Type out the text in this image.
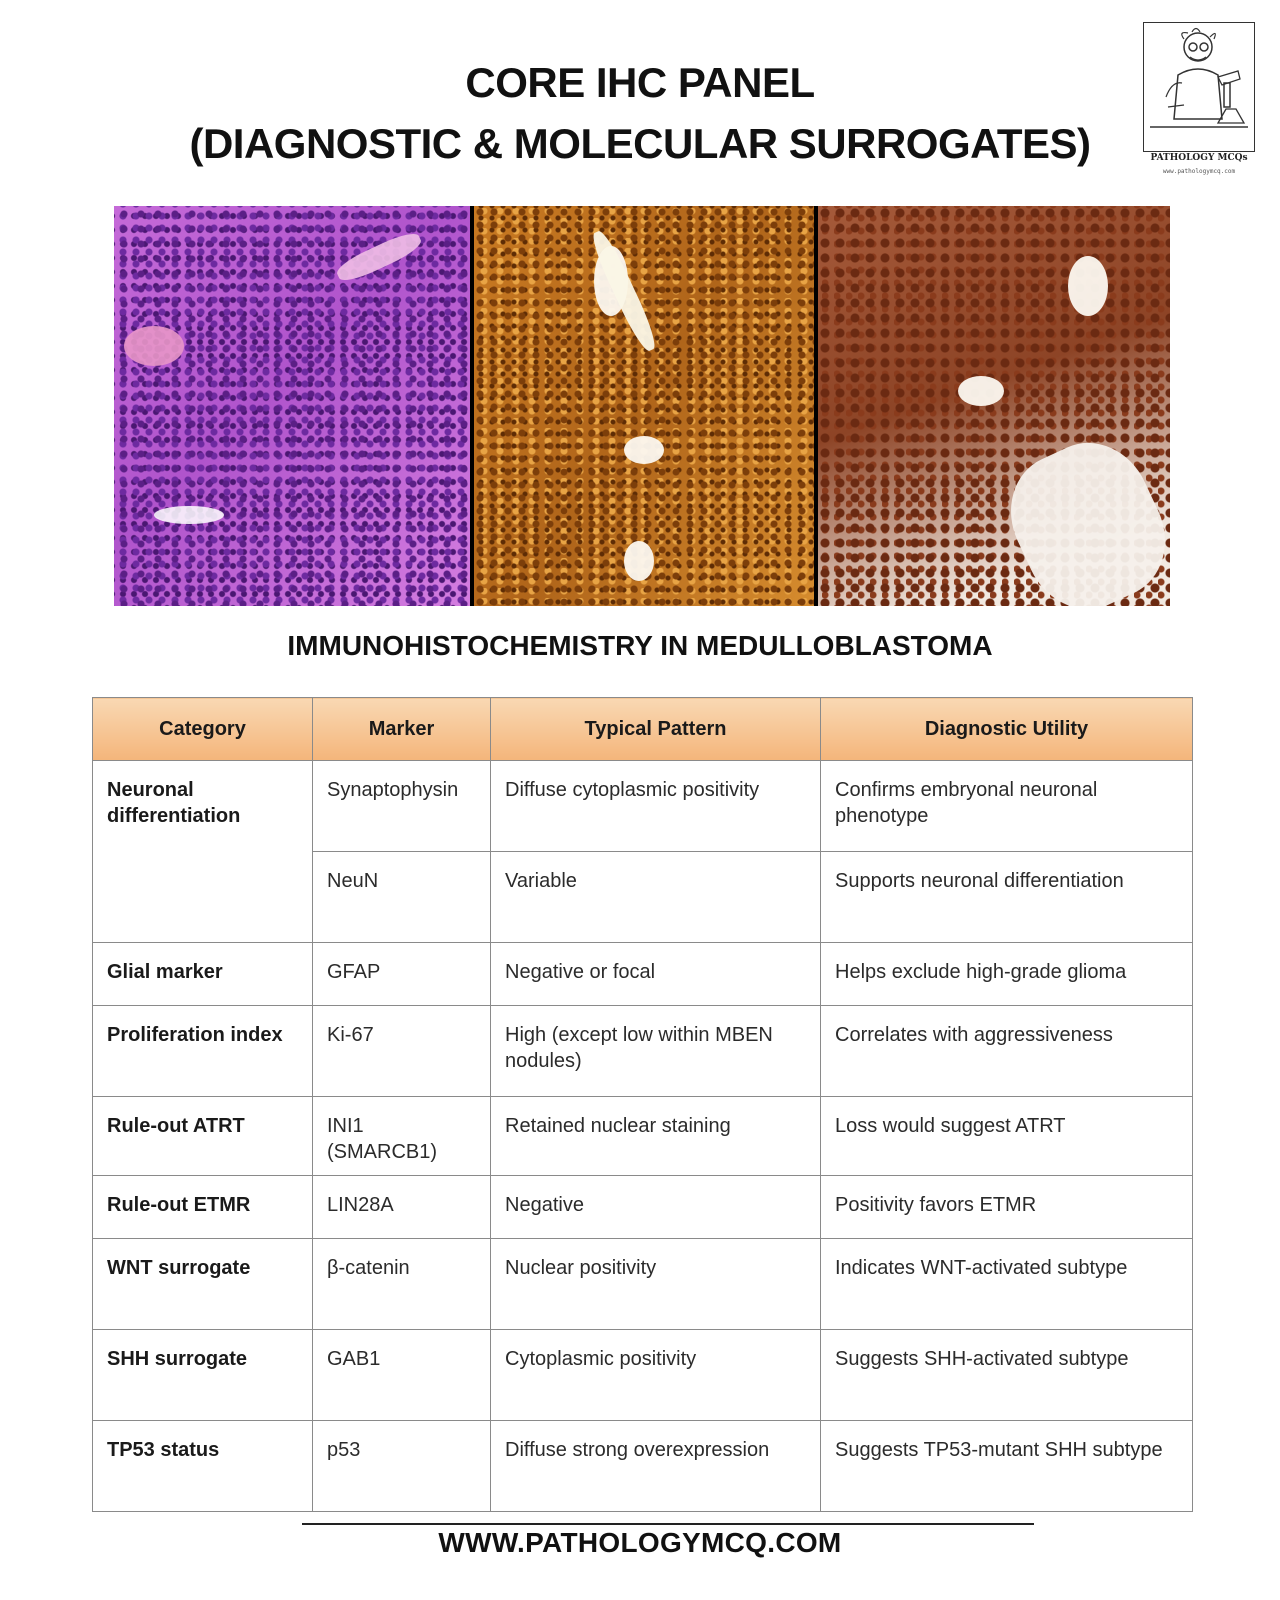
CORE IHC PANEL
(DIAGNOSTIC & MOLECULAR SURROGATES)	PATHOLOGY MCQs
www.pathologymcq.com
IMMUNOHISTOCHEMISTRY IN MEDULLOBLASTOMA
Category	Marker	Typical Pattern	Diagnostic Utility
Neuronal differentiation	Synaptophysin	Diffuse cytoplasmic positivity	Confirms embryonal neuronal phenotype
	NeuN	Variable	Supports neuronal differentiation
Glial marker	GFAP	Negative or focal	Helps exclude high-grade glioma
Proliferation index	Ki-67	High (except low within MBEN nodules)	Correlates with aggressiveness
Rule-out ATRT	INI1 (SMARCB1)	Retained nuclear staining	Loss would suggest ATRT
Rule-out ETMR	LIN28A	Negative	Positivity favors ETMR
WNT surrogate	β-catenin	Nuclear positivity	Indicates WNT-activated subtype
SHH surrogate	GAB1	Cytoplasmic positivity	Suggests SHH-activated subtype
TP53 status	p53	Diffuse strong overexpression	Suggests TP53-mutant SHH subtype
WWW.PATHOLOGYMCQ.COM
